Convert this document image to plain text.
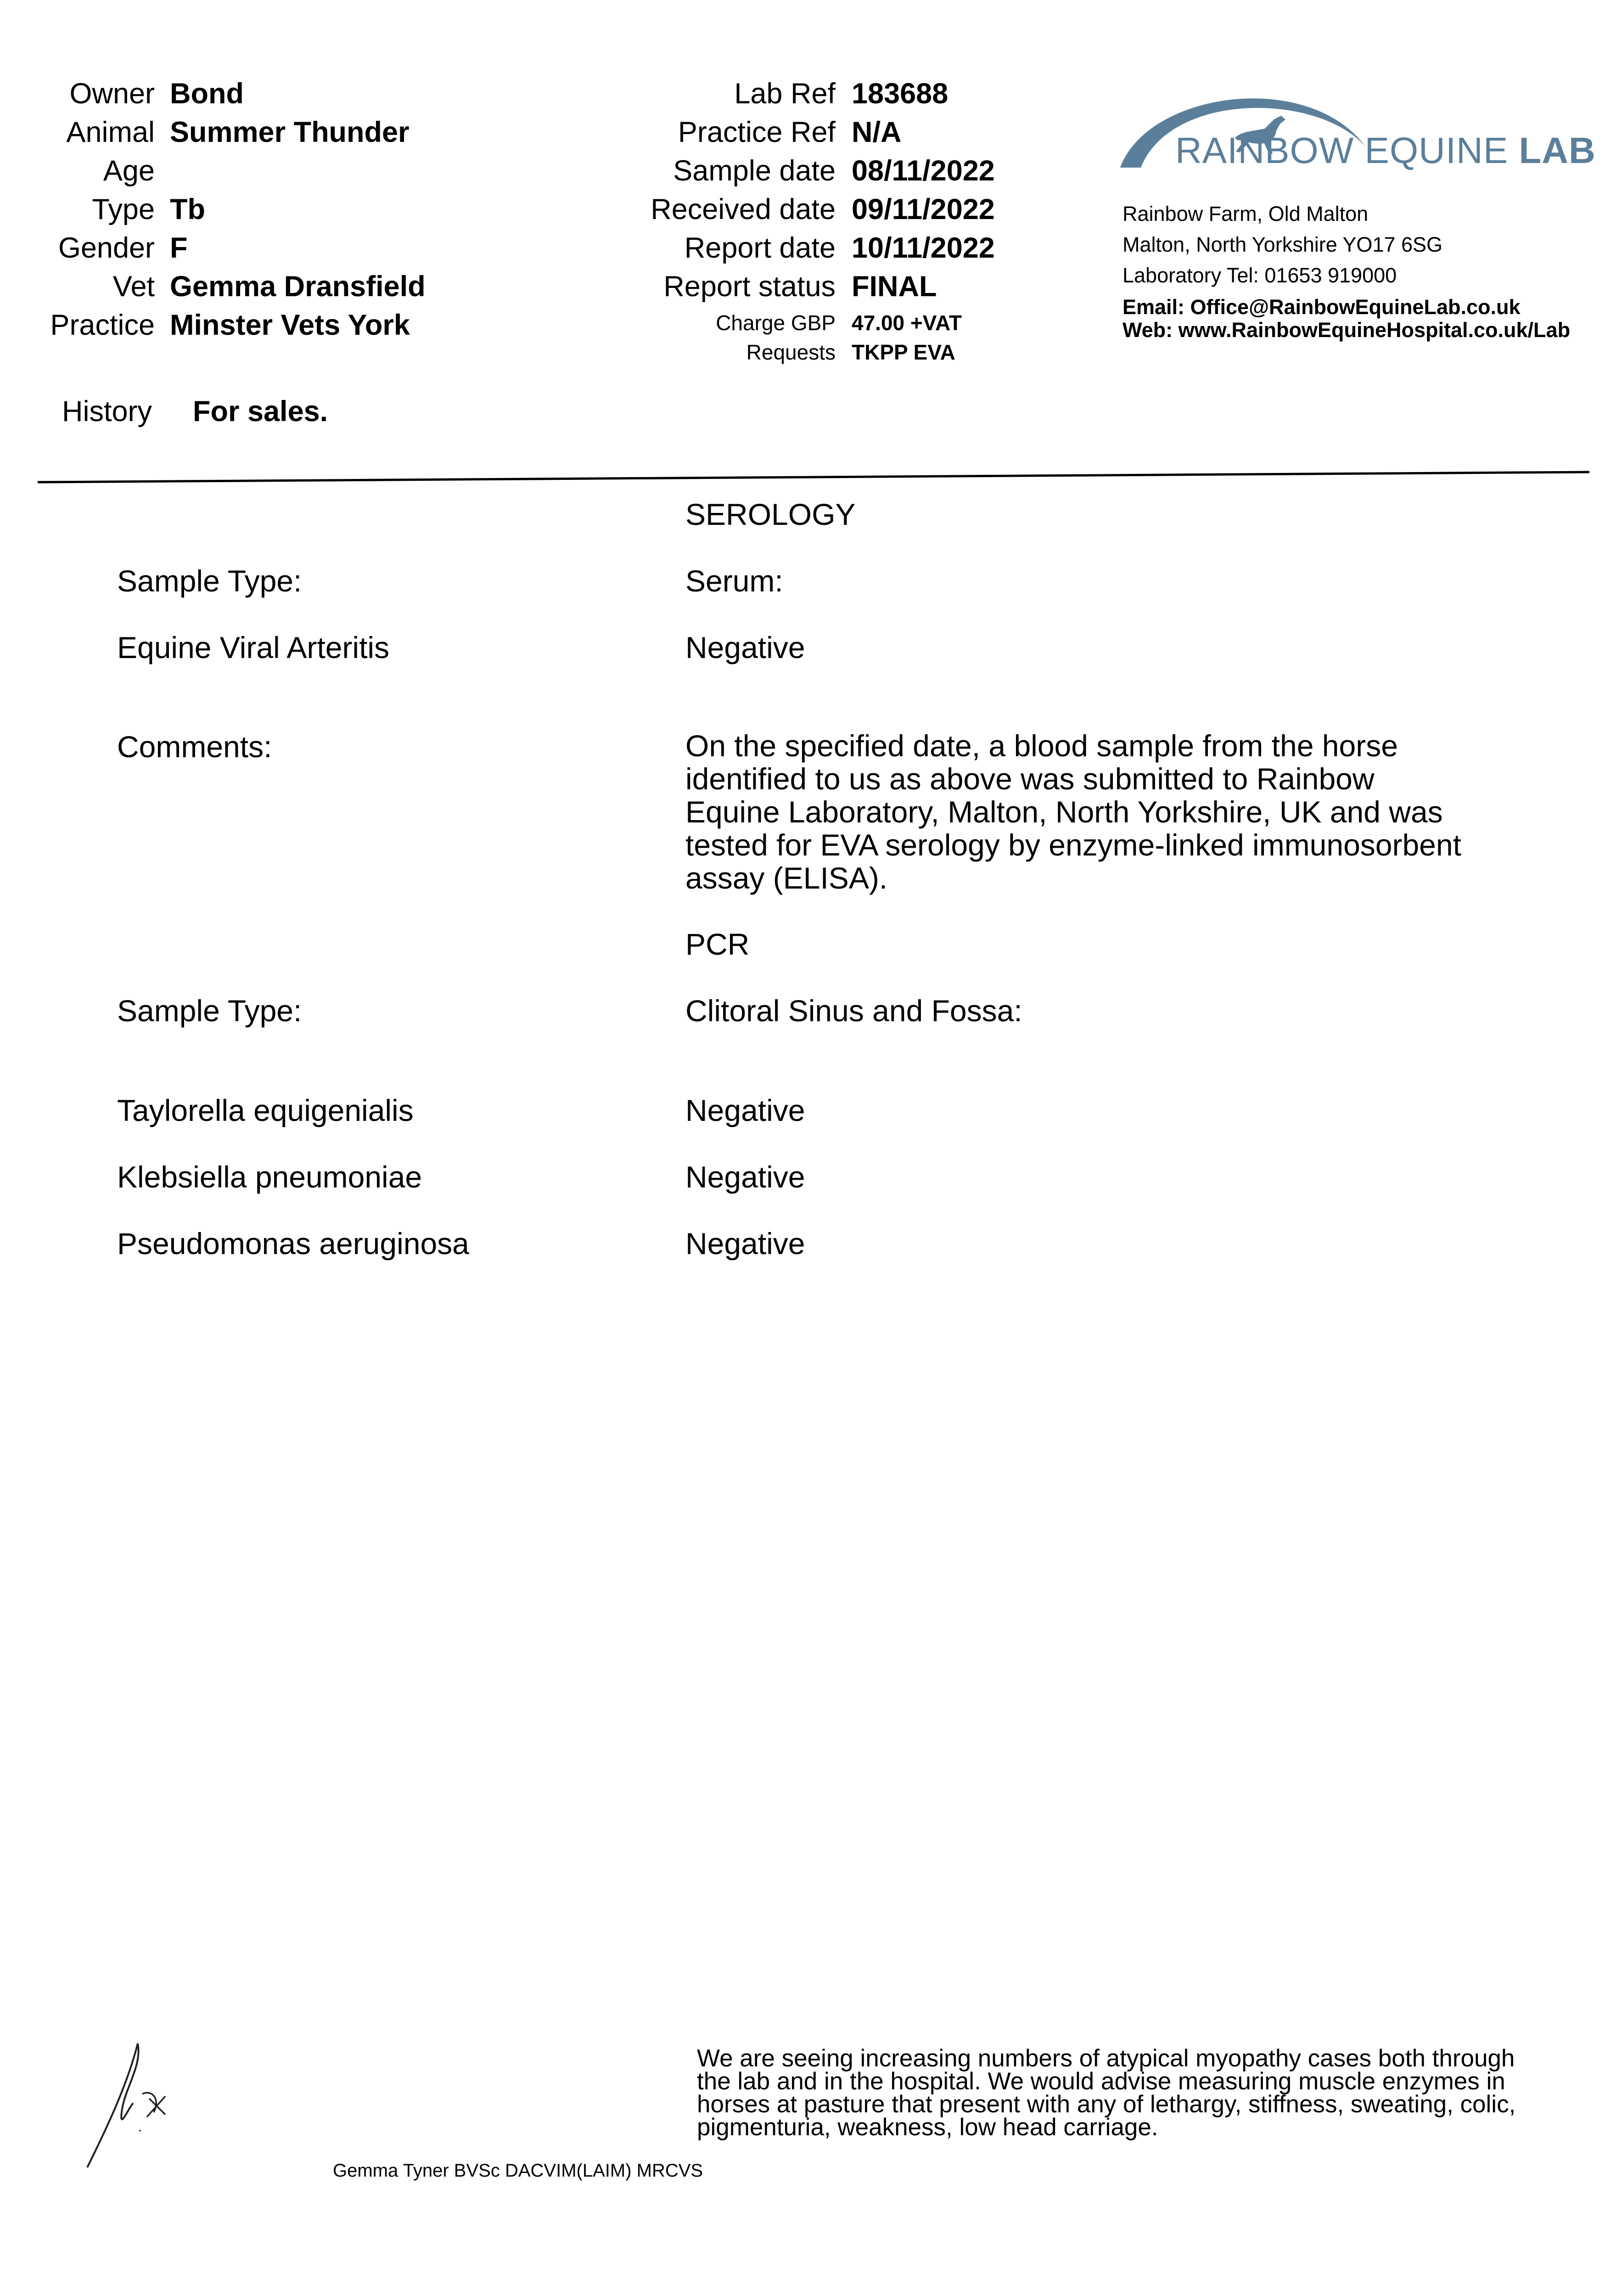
Owner Bond
Animal Summer Thunder
Age
Type Tb
Gender F
Vet Gemma Dransfield
Practice Minster Vets York
Lab Ref 183688
Practice Ref N/A
Sample date 08/11/2022
Received date 09/11/2022
Report date 10/11/2022
Report status FINAL
Charge GBP 47.00 +VAT
Requests TKPP EVA
RAINBOW EQUINE LAB
Rainbow Farm, Old Malton
Malton, North Yorkshire YO17 6SG
Laboratory Tel: 01653 919000
Email: Office@RainbowEquineLab.co.uk
Web: www.RainbowEquineHospital.co.uk/Lab
History For sales.
SEROLOGY
Sample Type:	Serum:
Equine Viral Arteritis	Negative
Comments:	On the specified date, a blood sample from the horse identified to us as above was submitted to Rainbow Equine Laboratory, Malton, North Yorkshire, UK and was tested for EVA serology by enzyme-linked immunosorbent assay (ELISA).
PCR
Sample Type:	Clitoral Sinus and Fossa:
Taylorella equigenialis	Negative
Klebsiella pneumoniae	Negative
Pseudomonas aeruginosa	Negative
We are seeing increasing numbers of atypical myopathy cases both through the lab and in the hospital. We would advise measuring muscle enzymes in horses at pasture that present with any of lethargy, stiffness, sweating, colic, pigmenturia, weakness, low head carriage.
Gemma Tyner BVSc DACVIM(LAIM) MRCVS
